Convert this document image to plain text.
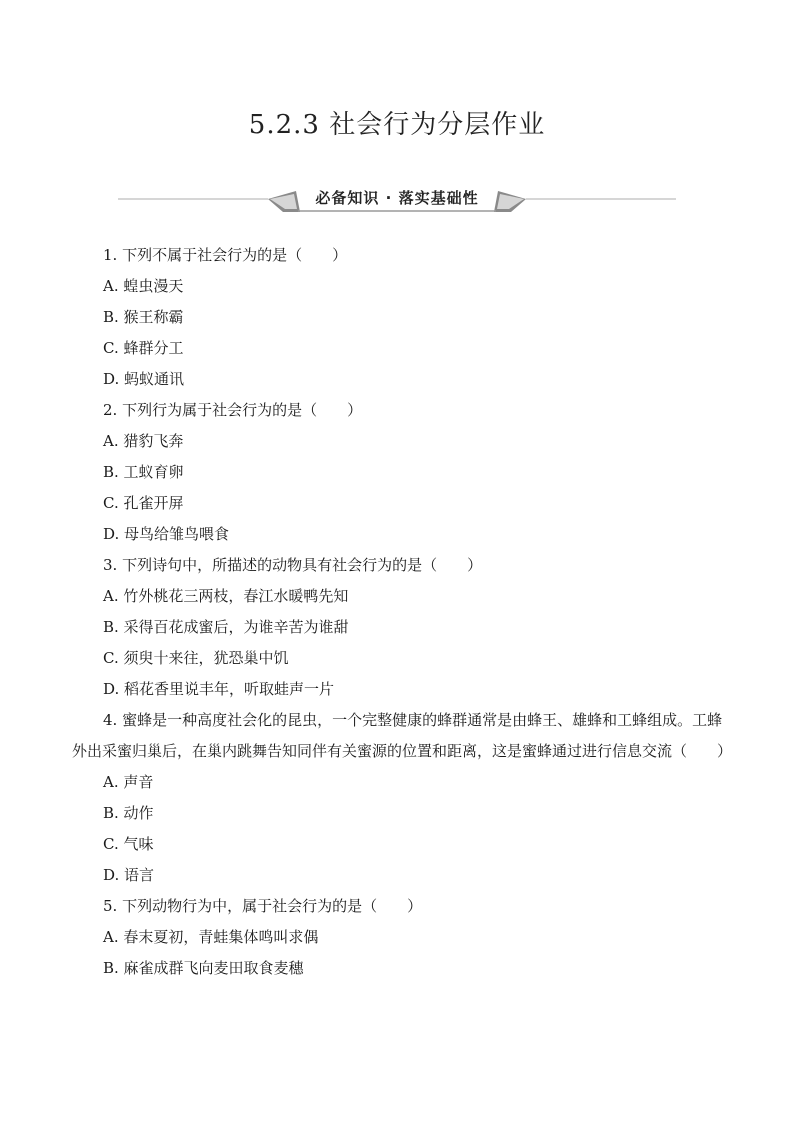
5.2.3 社会行为分层作业
必备知识 · 落实基础性

1. 下列不属于社会行为的是（　　）

A. 蝗虫漫天

B. 猴王称霸

C. 蜂群分工

D. 蚂蚁通讯

2. 下列行为属于社会行为的是（　　）

A. 猎豹飞奔

B. 工蚁育卵

C. 孔雀开屏

D. 母鸟给雏鸟喂食

3. 下列诗句中，所描述的动物具有社会行为的是（　　）

A. 竹外桃花三两枝，春江水暖鸭先知

B. 采得百花成蜜后，为谁辛苦为谁甜

C. 须臾十来往，犹恐巢中饥

D. 稻花香里说丰年，听取蛙声一片

4. 蜜蜂是一种高度社会化的昆虫，一个完整健康的蜂群通常是由蜂王、雄蜂和工蜂组成。工蜂外出采蜜归巢后，在巢内跳舞告知同伴有关蜜源的位置和距离，这是蜜蜂通过进行信息交流（　　）

A. 声音

B. 动作

C. 气味

D. 语言

5. 下列动物行为中，属于社会行为的是（　　）

A. 春末夏初，青蛙集体鸣叫求偶

B. 麻雀成群飞向麦田取食麦穗
